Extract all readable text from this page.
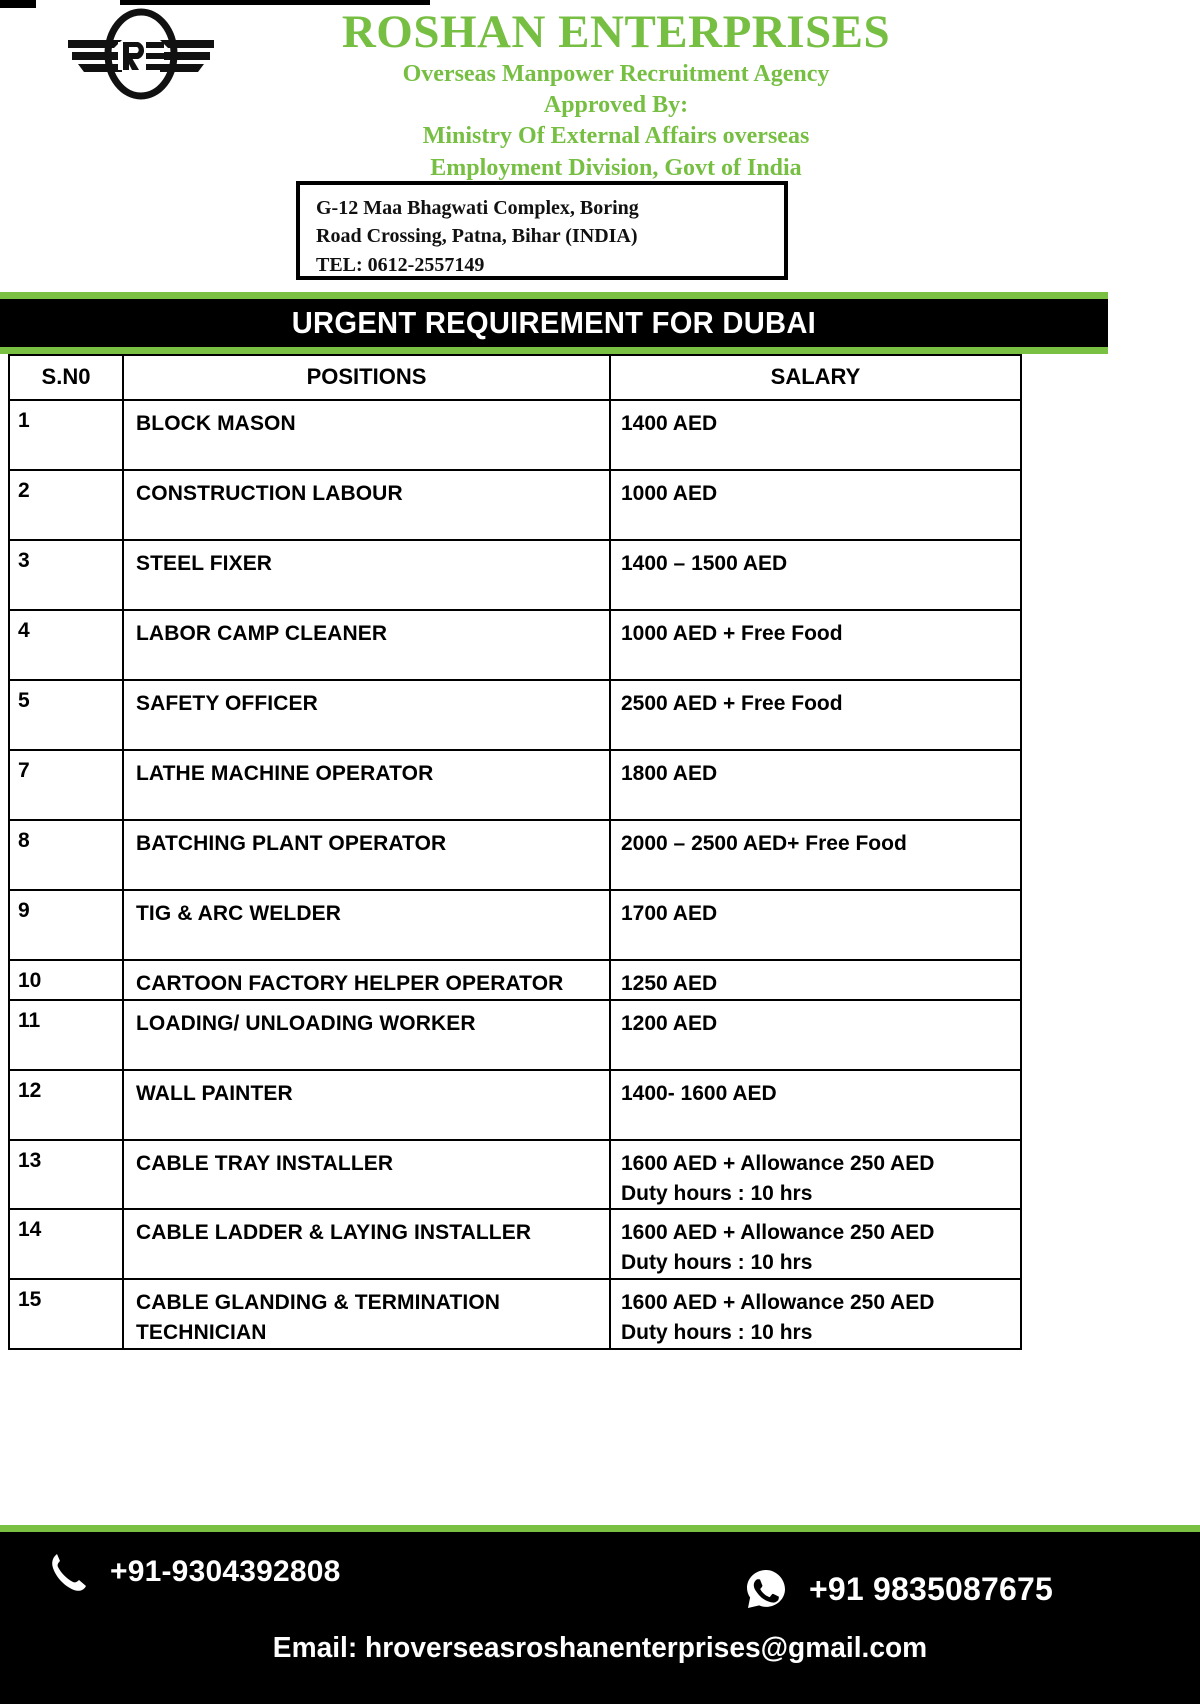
ROSHAN ENTERPRISES
Overseas Manpower Recruitment Agency
Approved By:
Ministry Of External Affairs overseas
Employment Division, Govt of India
G-12 Maa Bhagwati Complex, Boring
Road Crossing, Patna, Bihar (INDIA)
TEL: 0612-2557149
URGENT REQUIREMENT FOR DUBAI
S.N0	POSITIONS	SALARY
1	BLOCK MASON	1400 AED
2	CONSTRUCTION LABOUR	1000 AED
3	STEEL FIXER	1400 – 1500 AED
4	LABOR CAMP CLEANER	1000 AED + Free Food
5	SAFETY OFFICER	2500 AED + Free Food
7	LATHE MACHINE OPERATOR	1800 AED
8	BATCHING PLANT OPERATOR	2000 – 2500 AED+ Free Food
9	TIG & ARC WELDER	1700 AED
10	CARTOON FACTORY HELPER OPERATOR	1250 AED
11	LOADING/ UNLOADING WORKER	1200 AED
12	WALL PAINTER	1400- 1600 AED
13	CABLE TRAY INSTALLER	1600 AED + Allowance 250 AED
Duty hours : 10 hrs

14	CABLE LADDER & LAYING INSTALLER	1600 AED + Allowance 250 AED
Duty hours : 10 hrs

15	CABLE GLANDING & TERMINATION TECHNICIAN	1600 AED + Allowance 250 AED
Duty hours : 10 hrs
+91-9304392808	+91 9835087675
Email: hroverseasroshanenterprises@gmail.com
